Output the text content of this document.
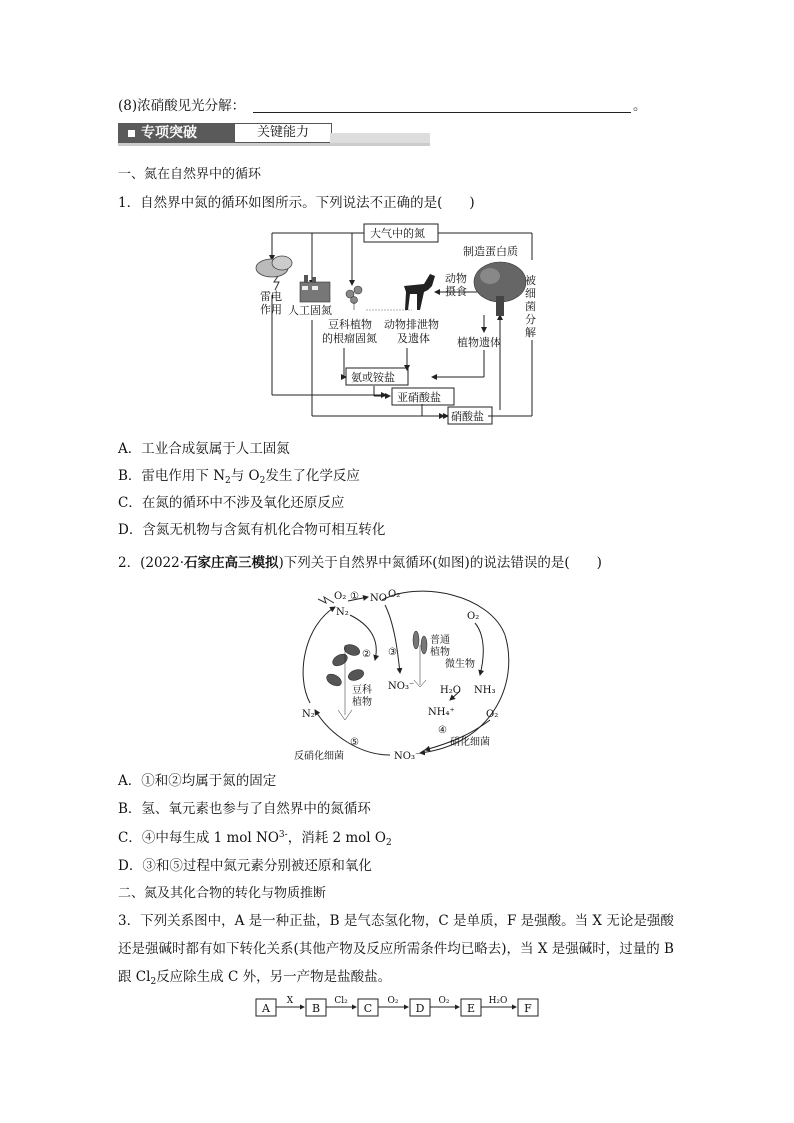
(8)浓硝酸见光分解：	。
专项突破	关键能力
一、氮在自然界中的循环
1．自然界中氮的循环如图所示。下列说法不正确的是(　　)
大气中的氮
制造蛋白质
动物
摄食
被
细
菌
分
解
雷电
作用 人工固氮
豆科植物
的根瘤固氮
动物排泄物
及遗体 植物遗体
氨或铵盐
亚硝酸盐
硝酸盐
A．工业合成氨属于人工固氮
B．雷电作用下 $N_2$与 $O_2$发生了化学反应
C．在氮的循环中不涉及氧化还原反应
D．含氮无机物与含氮有机化合物可相互转化
2．(2022·石家庄高三模拟)下列关于自然界中氮循环(如图)的说法错误的是(　　)
O₂ ① NO O₂
N₂	O₂
② ③
普通
植物
微生物
NO₃⁻	H₂O NH₃
豆科
植物
NH₄⁺	O₂
④
硝化细菌
N₂
⑤
反硝化细菌	NO₃⁻
A．①和②均属于氮的固定
B．氢、氧元素也参与了自然界中的氮循环
C．④中每生成 1 mol $NO^{3-}$，消耗 2 mol $O_2$
D．③和⑤过程中氮元素分别被还原和氧化
二、氮及其化合物的转化与物质推断
3．下列关系图中，A 是一种正盐，B 是气态氢化物，C 是单质，F 是强酸。当 X 无论是强酸
还是强碱时都有如下转化关系(其他产物及反应所需条件均已略去)，当 X 是强碱时，过量的 B
跟 $Cl_2$反应除生成 C 外，另一产物是盐酸盐。
A	B	C	D	E	F
X	Cl₂	O₂	O₂	H₂O
